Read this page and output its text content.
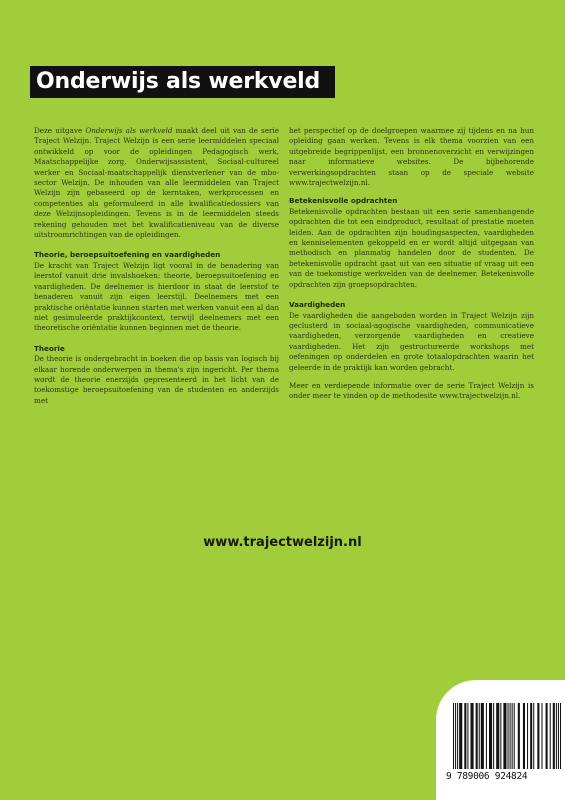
Onderwijs als werkveld

Deze uitgave Onderwijs als werkveld maakt deel uit van de serie Traject Welzijn. Traject Welzijn is een serie leermiddelen speciaal ontwikkeld op voor de opleidingen Pedagogisch werk, Maatschappelijke zorg, Onderwijsassistent, Sociaal-cultureel werker en Sociaal-maatschappelijk dienstverlener van de mbo-sector Welzijn. De inhouden van alle leermiddelen van Traject Welzijn zijn gebaseerd op de kerntaken, werkprocessen en competenties als geformuleerd in alle kwalificatiedossiers van deze Welzijnsopleidingen. Tevens is in de leermiddelen steeds rekening gehouden met het kwalificatieniveau van de diverse uitstroomrichtingen van de opleidingen.

Theorie, beroepsuitoefening en vaardigheden

De kracht van Traject Welzijn ligt vooral in de benadering van leerstof vanuit drie invalshoeken: theorie, beroepsuitoefening en vaardigheden. De deelnemer is hierdoor in staat de leerstof te benaderen vanuit zijn eigen leerstijl. Deelnemers met een praktische oriëntatie kunnen starten met werken vanuit een al dan niet gesimuleerde praktijkcontext, terwijl deelnemers met een theoretische oriëntatie kunnen beginnen met de theorie.

Theorie

De theorie is ondergebracht in boeken die op basis van logisch bij elkaar horende onderwerpen in thema's zijn ingericht. Per thema wordt de theorie enerzijds gepresenteerd in het licht van de toekomstige beroepsuitoefening van de studenten en anderzijds met

het perspectief op de doelgroepen waarmee zij tijdens en na hun opleiding gaan werken. Tevens is elk thema voorzien van een uitgebreide begrippenlijst, een bronnenoverzicht en verwijzingen naar informatieve websites. De bijbehorende verwerkingsopdrachten staan op de speciale website www.trajectwelzijn.nl.

Betekenisvolle opdrachten

Betekenisvolle opdrachten bestaan uit een serie samenhangende opdrachten die tot een eindproduct, resultaat of prestatie moeten leiden. Aan de opdrachten zijn houdingsaspecten, vaardigheden en kenniselementen gekoppeld en er wordt altijd uitgegaan van methodisch en planmatig handelen door de studenten. De betekenisvolle opdracht gaat uit van een situatie of vraag uit een van de toekomstige werkvelden van de deelnemer. Betekenisvolle opdrachten zijn groepsopdrachten.

Vaardigheden

De vaardigheden die aangeboden worden in Traject Welzijn zijn geclusterd in sociaal-agogische vaardigheden, communicatieve vaardigheden, verzorgende vaardigheden en creatieve vaardigheden. Het zijn gestructureerde workshops met oefeningen op onderdelen en grote totaalopdrachten waarin het geleerde in de praktijk kan worden gebracht.

Meer en verdiepende informatie over de serie Traject Welzijn is onder meer te vinden op de methodesite www.trajectwelzijn.nl.

www.trajectwelzijn.nl
9 789006 924824
